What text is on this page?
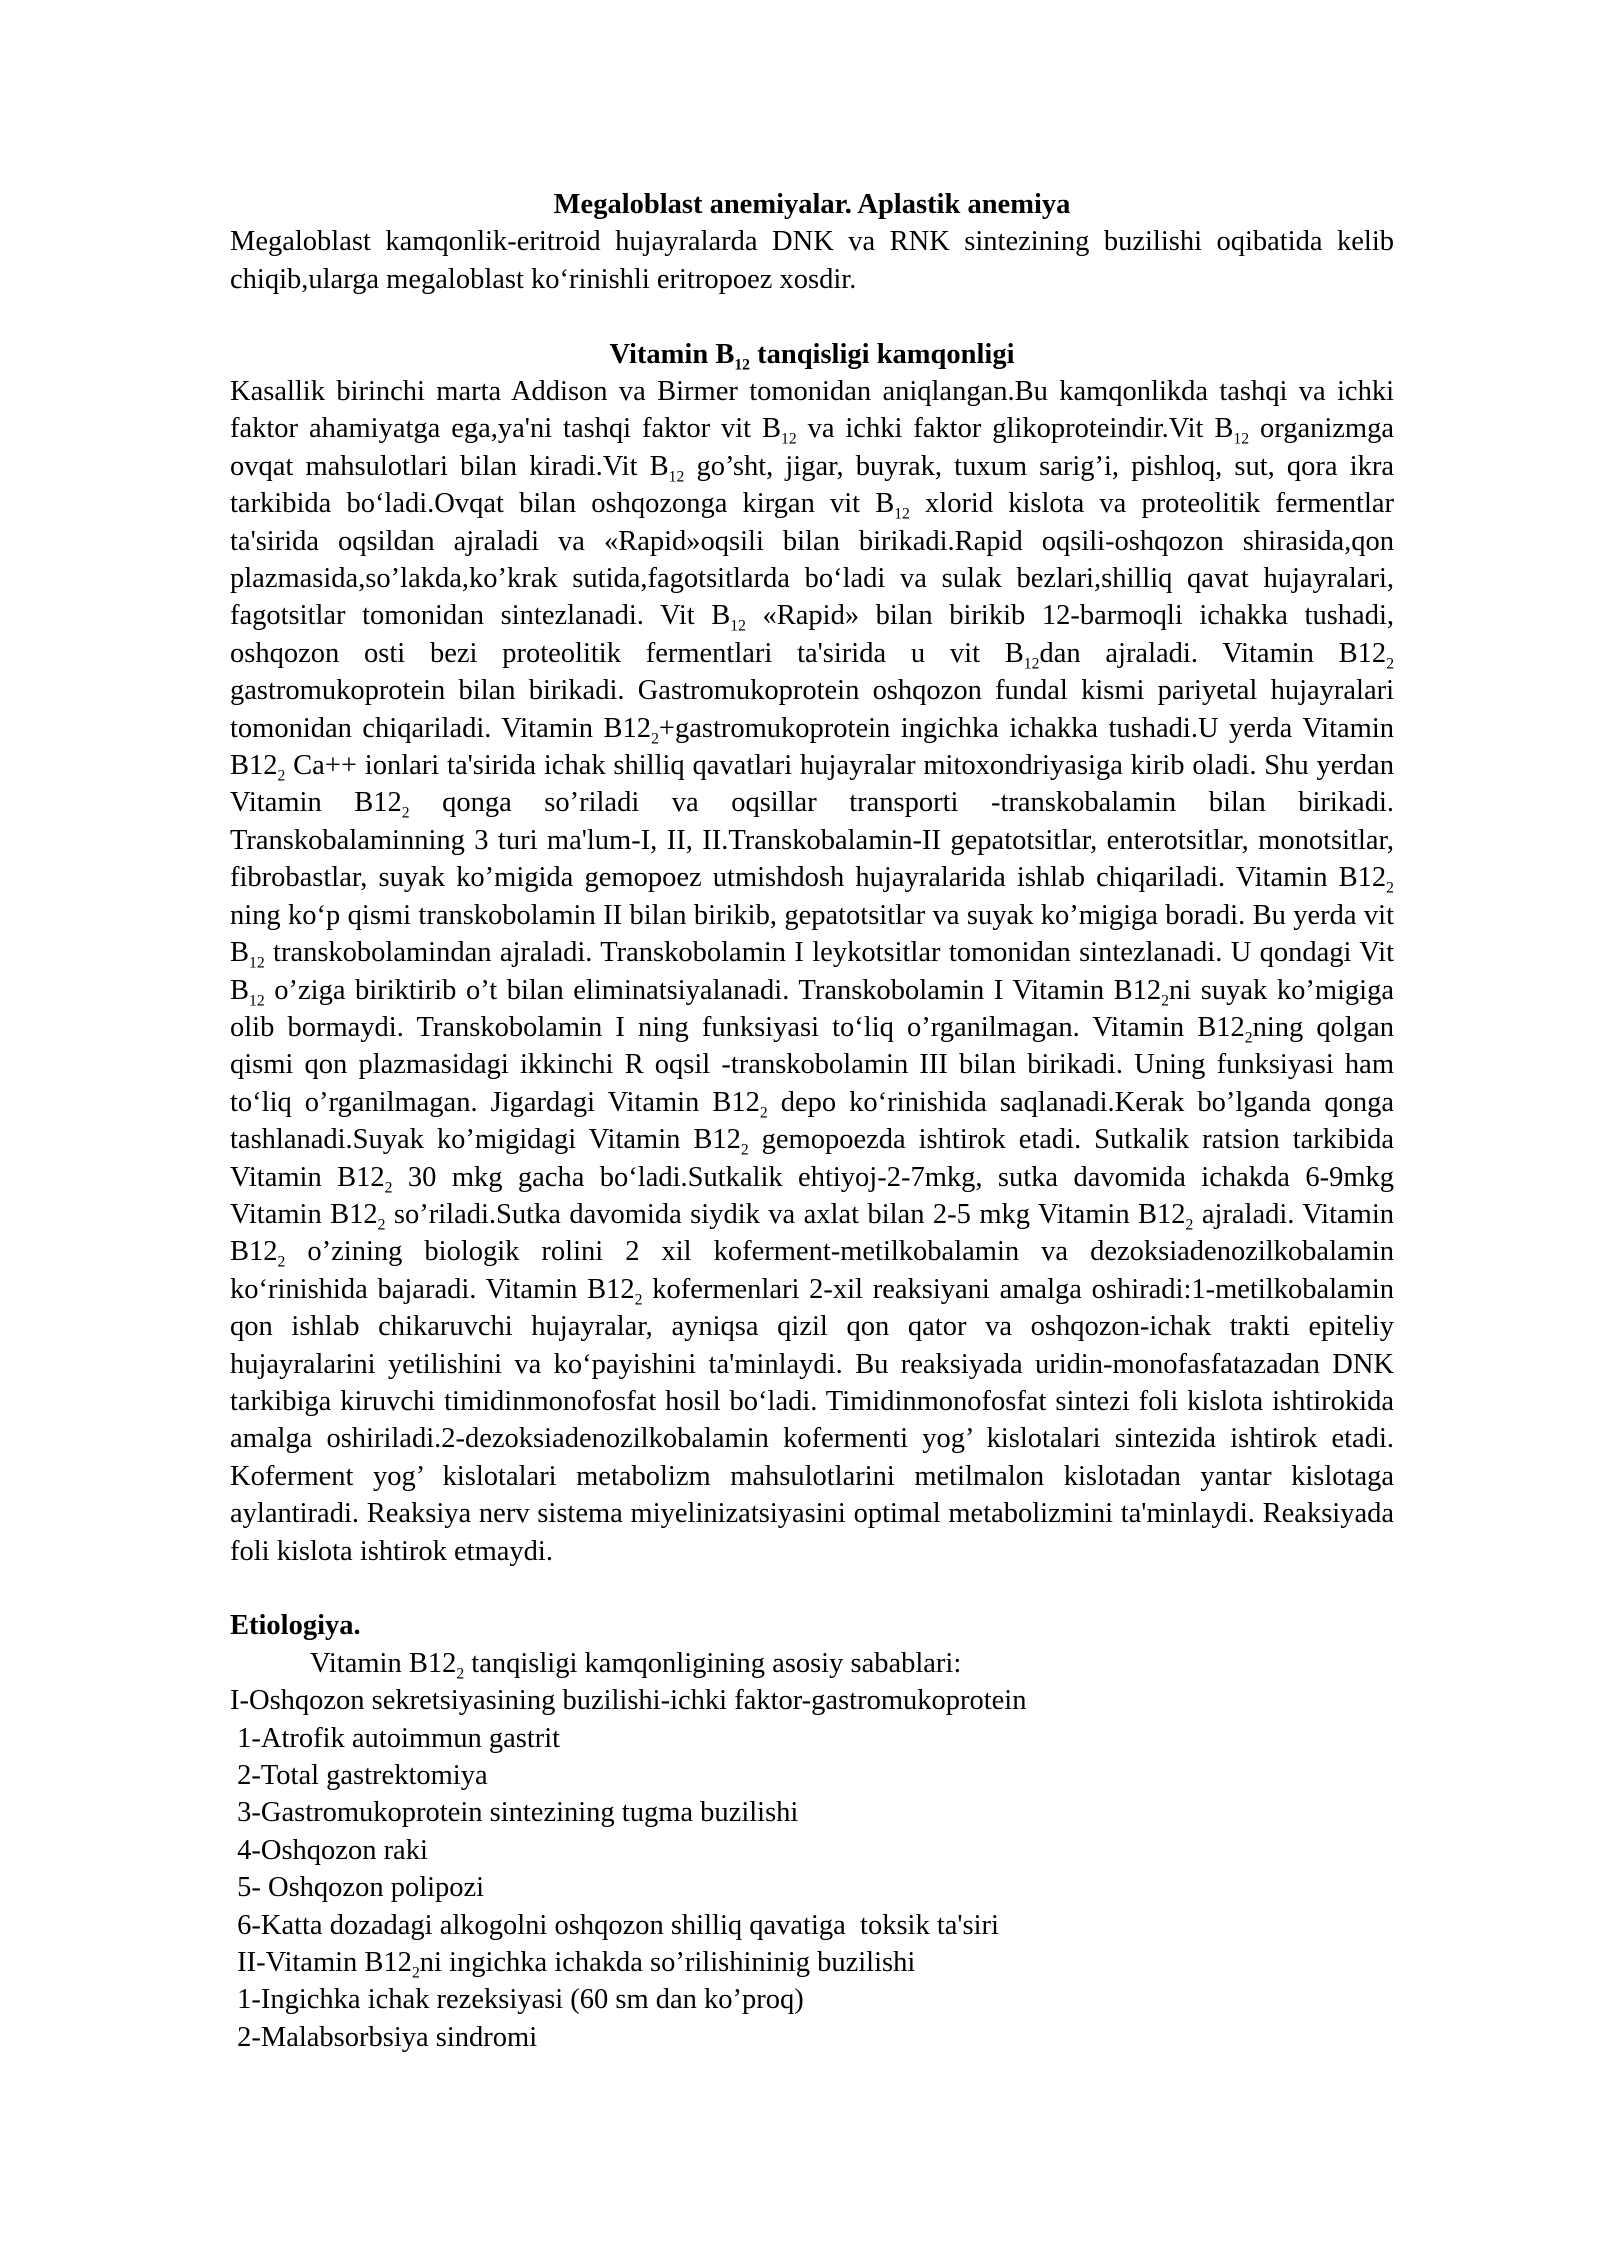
Megaloblast anemiyalar. Aplastik anemiya

Megaloblast kamqonlik-eritroid hujayralarda DNK va RNK sintezining buzilishi oqibatida kelib chiqib,ularga megaloblast ko‘rinishli eritropoez xosdir.

Vitamin $B_{12}$ tanqisligi kamqonligi

Kasallik birinchi marta Addison va Birmer tomonidan aniqlangan.Bu kamqonlikda tashqi va ichki faktor ahamiyatga ega,ya'ni tashqi faktor vit $B_{12}$ va ichki faktor glikoproteindir.Vit $B_{12}$ organizmga ovqat mahsulotlari bilan kiradi.Vit $B_{12}$ go’sht, jigar, buyrak, tuxum sarig’i, pishloq, sut, qora ikra tarkibida bo‘ladi.Ovqat bilan oshqozonga kirgan vit $B_{12}$ xlorid kislota va proteolitik fermentlar ta'sirida oqsildan ajraladi va «Rapid»oqsili bilan birikadi.Rapid oqsili-oshqozon shirasida,qon plazmasida,so’lakda,ko’krak sutida,fagotsitlarda bo‘ladi va sulak bezlari,shilliq qavat hujayralari, fagotsitlar tomonidan sintezlanadi. Vit $B_{12}$ «Rapid» bilan birikib 12-barmoqli ichakka tushadi, oshqozon osti bezi proteolitik fermentlari ta'sirida u vit $B_{12}dan$ ajraladi. Vitamin $B12_2$ gastromukoprotein bilan birikadi. Gastromukoprotein oshqozon fundal kismi pariyetal hujayralari tomonidan chiqariladi. Vitamin $B12_2+gastromukoprotein$ ingichka ichakka tushadi.U yerda Vitamin $B12_2$ Ca++ ionlari ta'sirida ichak shilliq qavatlari hujayralar mitoxondriyasiga kirib oladi. Shu yerdan Vitamin $B12_2$ qonga so’riladi va oqsillar transporti -transkobalamin bilan birikadi. Transkobalaminning 3 turi ma'lum-I, II, II.Transkobalamin-II gepatotsitlar, enterotsitlar, monotsitlar, fibrobastlar, suyak ko’migida gemopoez utmishdosh hujayralarida ishlab chiqariladi. Vitamin $B12_2$ ning ko‘p qismi transkobolamin II bilan birikib, gepatotsitlar va suyak ko’migiga boradi. Bu yerda vit $B_{12}$ transkobolamindan ajraladi. Transkobolamin I leykotsitlar tomonidan sintezlanadi. U qondagi Vit $B_{12}$ o’ziga biriktirib o’t bilan eliminatsiyalanadi. Transkobolamin I Vitamin $B12_2ni$ suyak ko’migiga olib bormaydi. Transkobolamin I ning funksiyasi to‘liq o’rganilmagan. Vitamin $B12_2ning$ qolgan qismi qon plazmasidagi ikkinchi R oqsil -transkobolamin III bilan birikadi. Uning funksiyasi ham to‘liq o’rganilmagan. Jigardagi Vitamin $B12_2$ depo ko‘rinishida saqlanadi.Kerak bo’lganda qonga tashlanadi.Suyak ko’migidagi Vitamin $B12_2$ gemopoezda ishtirok etadi. Sutkalik ratsion tarkibida Vitamin $B12_2$ 30 mkg gacha bo‘ladi.Sutkalik ehtiyoj-2-7mkg, sutka davomida ichakda 6-9mkg Vitamin $B12_2$ so’riladi.Sutka davomida siydik va axlat bilan 2-5 mkg Vitamin $B12_2$ ajraladi. Vitamin $B12_2$ o’zining biologik rolini 2 xil koferment-metilkobalamin va dezoksiadenozilkobalamin ko‘rinishida bajaradi. Vitamin $B12_2$ kofermenlari 2-xil reaksiyani amalga oshiradi:1-metilkobalamin qon ishlab chikaruvchi hujayralar, ayniqsa qizil qon qator va oshqozon-ichak trakti epiteliy hujayralarini yetilishini va ko‘payishini ta'minlaydi. Bu reaksiyada uridin-monofasfatazadan DNK tarkibiga kiruvchi timidinmonofosfat hosil bo‘ladi. Timidinmonofosfat sintezi foli kislota ishtirokida amalga oshiriladi.2-dezoksiadenozilkobalamin kofermenti yog’ kislotalari sintezida ishtirok etadi. Koferment yog’ kislotalari metabolizm mahsulotlarini metilmalon kislotadan yantar kislotaga aylantiradi. Reaksiya nerv sistema miyelinizatsiyasini optimal metabolizmini ta'minlaydi. Reaksiyada foli kislota ishtirok etmaydi.

Etiologiya.

Vitamin $B12_2$ tanqisligi kamqonligining asosiy sabablari:

I-Oshqozon sekretsiyasining buzilishi-ichki faktor-gastromukoprotein

1-Atrofik autoimmun gastrit

2-Total gastrektomiya

3-Gastromukoprotein sintezining tugma buzilishi

4-Oshqozon raki

5- Oshqozon polipozi

6-Katta dozadagi alkogolni oshqozon shilliq qavatiga  toksik ta'siri

II-Vitamin $B12_2ni$ ingichka ichakda so’rilishininig buzilishi

1-Ingichka ichak rezeksiyasi (60 sm dan ko’proq)

2-Malabsorbsiya sindromi
